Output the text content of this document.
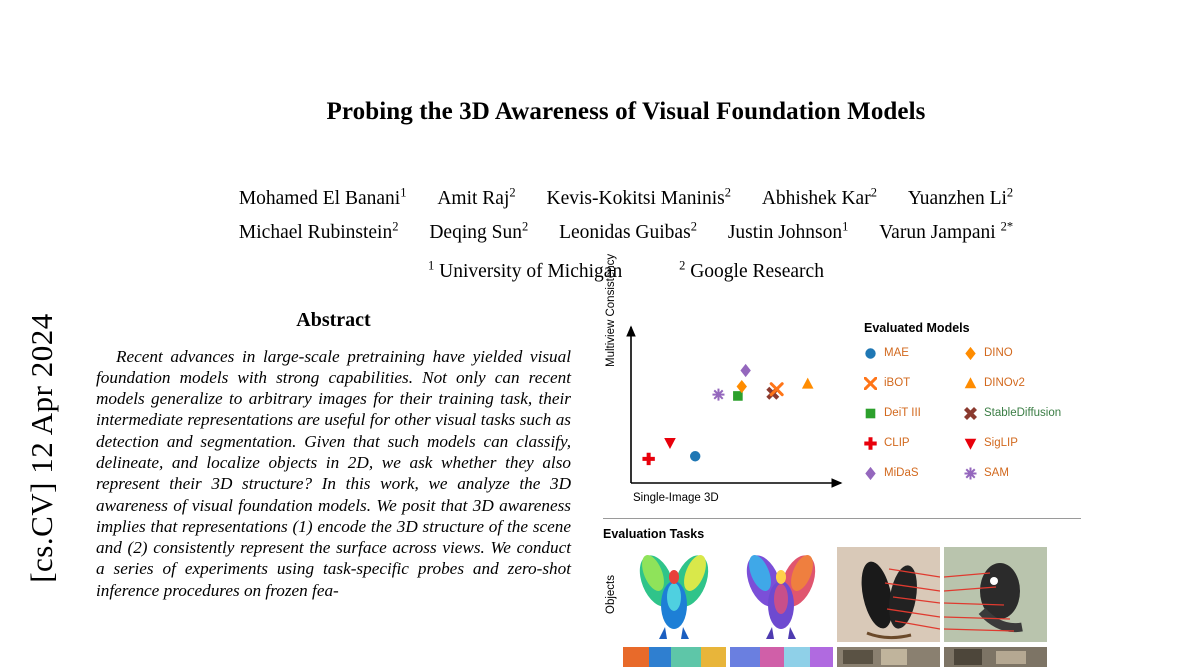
[cs.CV] 12 Apr 2024
Probing the 3D Awareness of Visual Foundation Models
Mohamed El Banani$^1$ Amit Raj$^2$ Kevis-Kokitsi Maninis$^2$ Abhishek Kar$^2$ Yuanzhen Li$^2$
Michael Rubinstein$^2$ Deqing Sun$^2$ Leonidas Guibas$^2$ Justin Johnson$^1$ Varun Jampani $^{2*}$
$^1$ University of Michigan	$^2$ Google Research
Abstract
Recent advances in large-scale pretraining have yielded visual foundation models with strong capabilities. Not only can recent models generalize to arbitrary images for their training task, their intermediate representations are useful for other visual tasks such as detection and segmentation. Given that such models can classify, delineate, and localize objects in 2D, we ask whether they also represent their 3D structure? In this work, we analyze the 3D awareness of visual foundation models. We posit that 3D awareness implies that representations (1) encode the 3D structure of the scene and (2) consistently represent the surface across views. We conduct a series of experiments using task-specific probes and zero-shot inference procedures on frozen fea-
Multiview Consistency
Single-Image 3D
Evaluated Models
MAE	DINO
iBOT	DINOv2
DeiT III	StableDiffusion
CLIP	SigLIP
MiDaS	SAM
Evaluation Tasks
Objects
